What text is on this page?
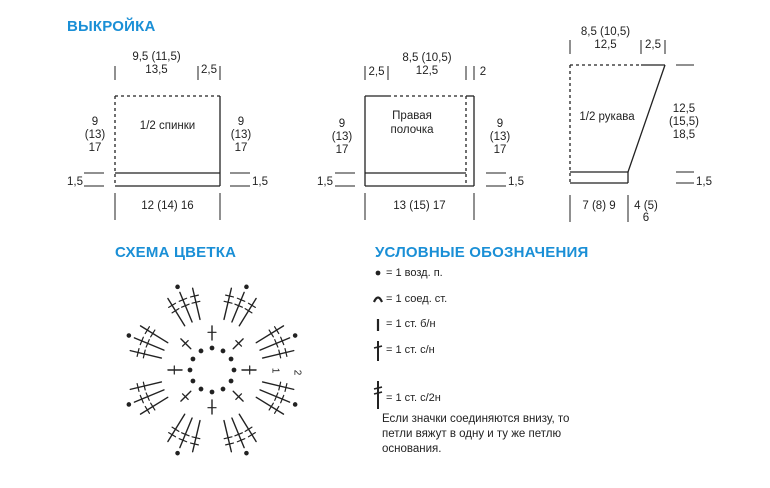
ВЫКРОЙКА
СХЕМА ЦВЕТКА	УСЛОВНЫЕ ОБОЗНАЧЕНИЯ
1/2 спинки
9,5 (11,5)
13,5	2,5
9
(13)
17
9
(13)
17
1,5	1,5
12 (14) 16
Правая
полочка
2,5
8,5 (10,5)
12,5	2
9
(13)
17
9
(13)
17
1,5	1,5
13 (15) 17
1/2 рукава
8,5 (10,5)
12,5	2,5
12,5
(15,5)
18,5
1,5
7 (8) 9	4 (5)
6
1 2
= 1 возд. п.
= 1 соед. ст.
= 1 ст. б/н
= 1 ст. с/н
= 1 ст. с/2н
Если значки соединяются внизу, то петли вяжут в одну и ту же петлю основания.
